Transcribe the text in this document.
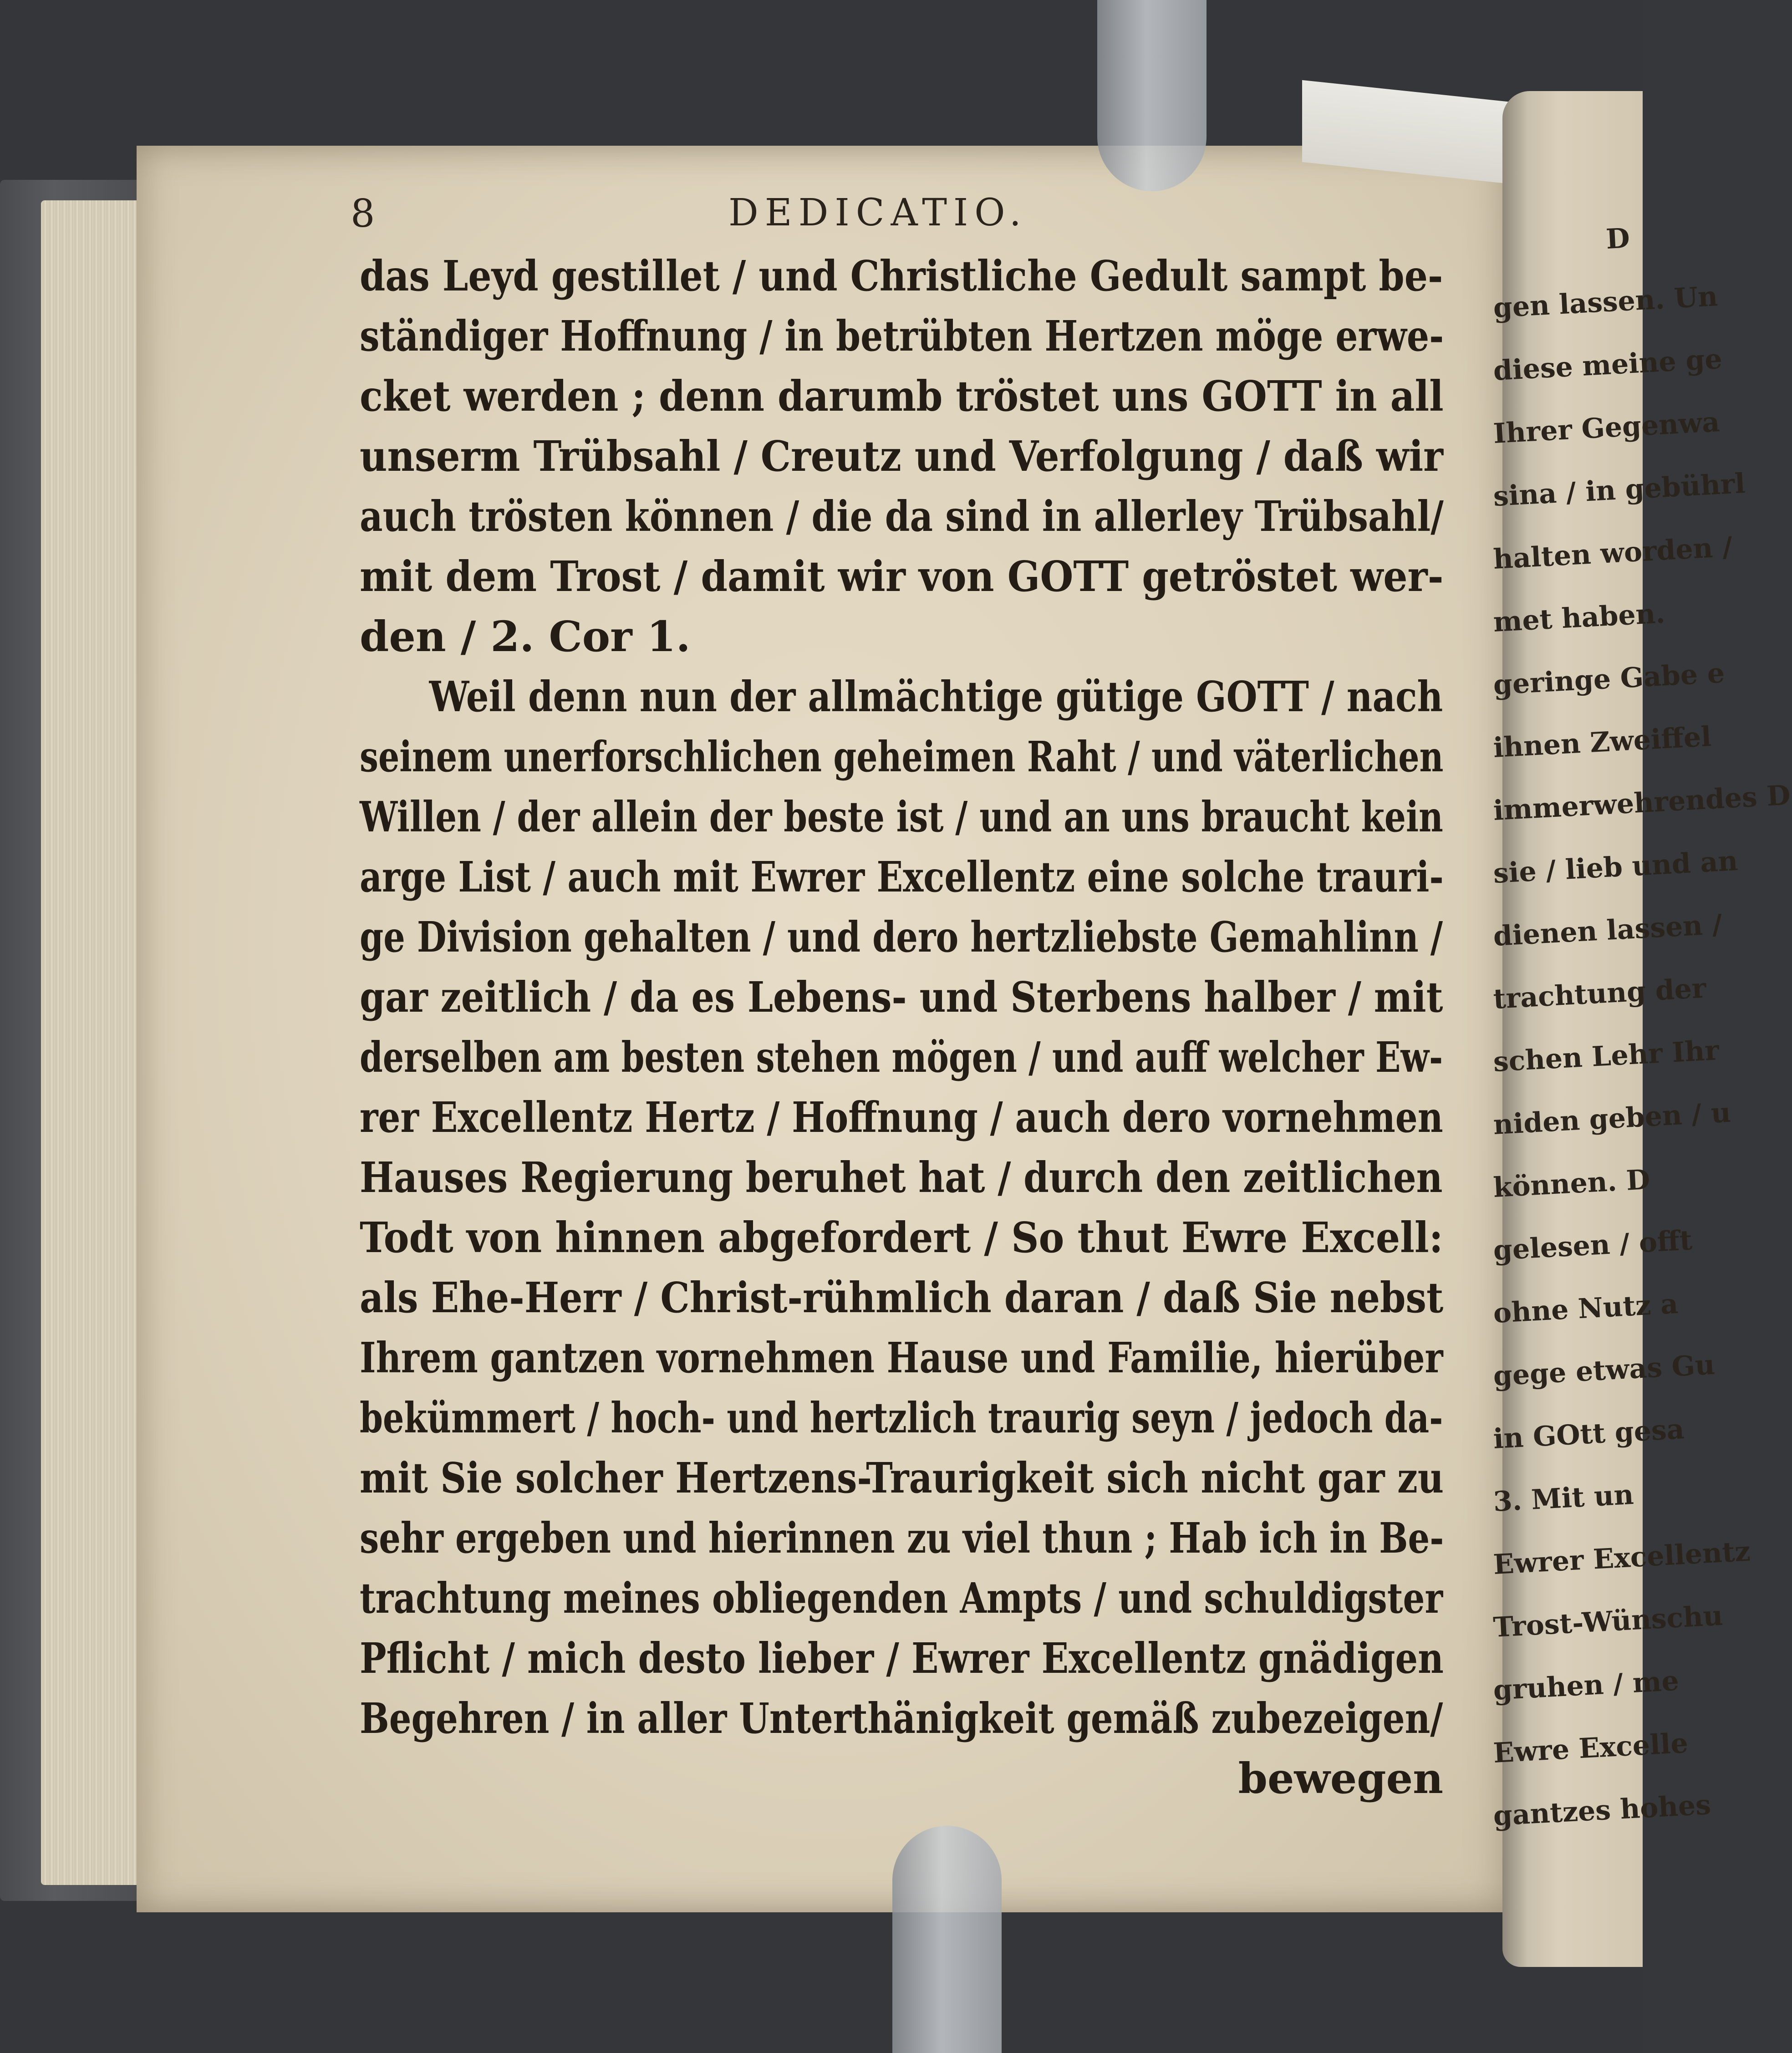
8	DEDICATIO.
das Leyd gestillet / und Christliche Gedult sampt be-
ständiger Hoffnung / in betrübten Hertzen möge erwe-
cket werden ; denn darumb tröstet uns GOTT in all
unserm Trübsahl / Creutz und Verfolgung / daß wir
auch trösten können / die da sind in allerley Trübsahl/
mit dem Trost / damit wir von GOTT getröstet wer-
den / 2. Cor 1.
Weil denn nun der allmächtige gütige GOTT / nach
seinem unerforschlichen geheimen Raht / und väterlichen
Willen / der allein der beste ist / und an uns braucht kein
arge List / auch mit Ewrer Excellentz eine solche trauri-
ge Division gehalten / und dero hertzliebste Gemahlinn /
gar zeitlich / da es Lebens- und Sterbens halber / mit
derselben am besten stehen mögen / und auff welcher Ew-
rer Excellentz Hertz / Hoffnung / auch dero vornehmen
Hauses Regierung beruhet hat / durch den zeitlichen
Todt von hinnen abgefordert / So thut Ewre Excell:
als Ehe-Herr / Christ-rühmlich daran / daß Sie nebst
Ihrem gantzen vornehmen Hause und Familie, hierüber
bekümmert / hoch- und hertzlich traurig seyn / jedoch da-
mit Sie solcher Hertzens-Traurigkeit sich nicht gar zu
sehr ergeben und hierinnen zu viel thun ; Hab ich in Be-
trachtung meines obliegenden Ampts / und schuldigster
Pflicht / mich desto lieber / Ewrer Excellentz gnädigen
Begehren / in aller Unterthänigkeit gemäß zubezeigen/
bewegen
D
gen lassen. Un
diese meine ge
Ihrer Gegenwa
sina / in gebührl
halten worden /
met haben.
geringe Gabe e
ihnen Zweiffel
immerwehrendes D
sie / lieb und an
dienen lassen /
trachtung der
schen Lehr Ihr
niden geben / u
können. D
gelesen / offt
ohne Nutz a
gege etwas Gu
in GOtt gesa
3. Mit un
Ewrer Excellentz
Trost-Wünschu
gruhen / me
Ewre Excelle
gantzes hohes
